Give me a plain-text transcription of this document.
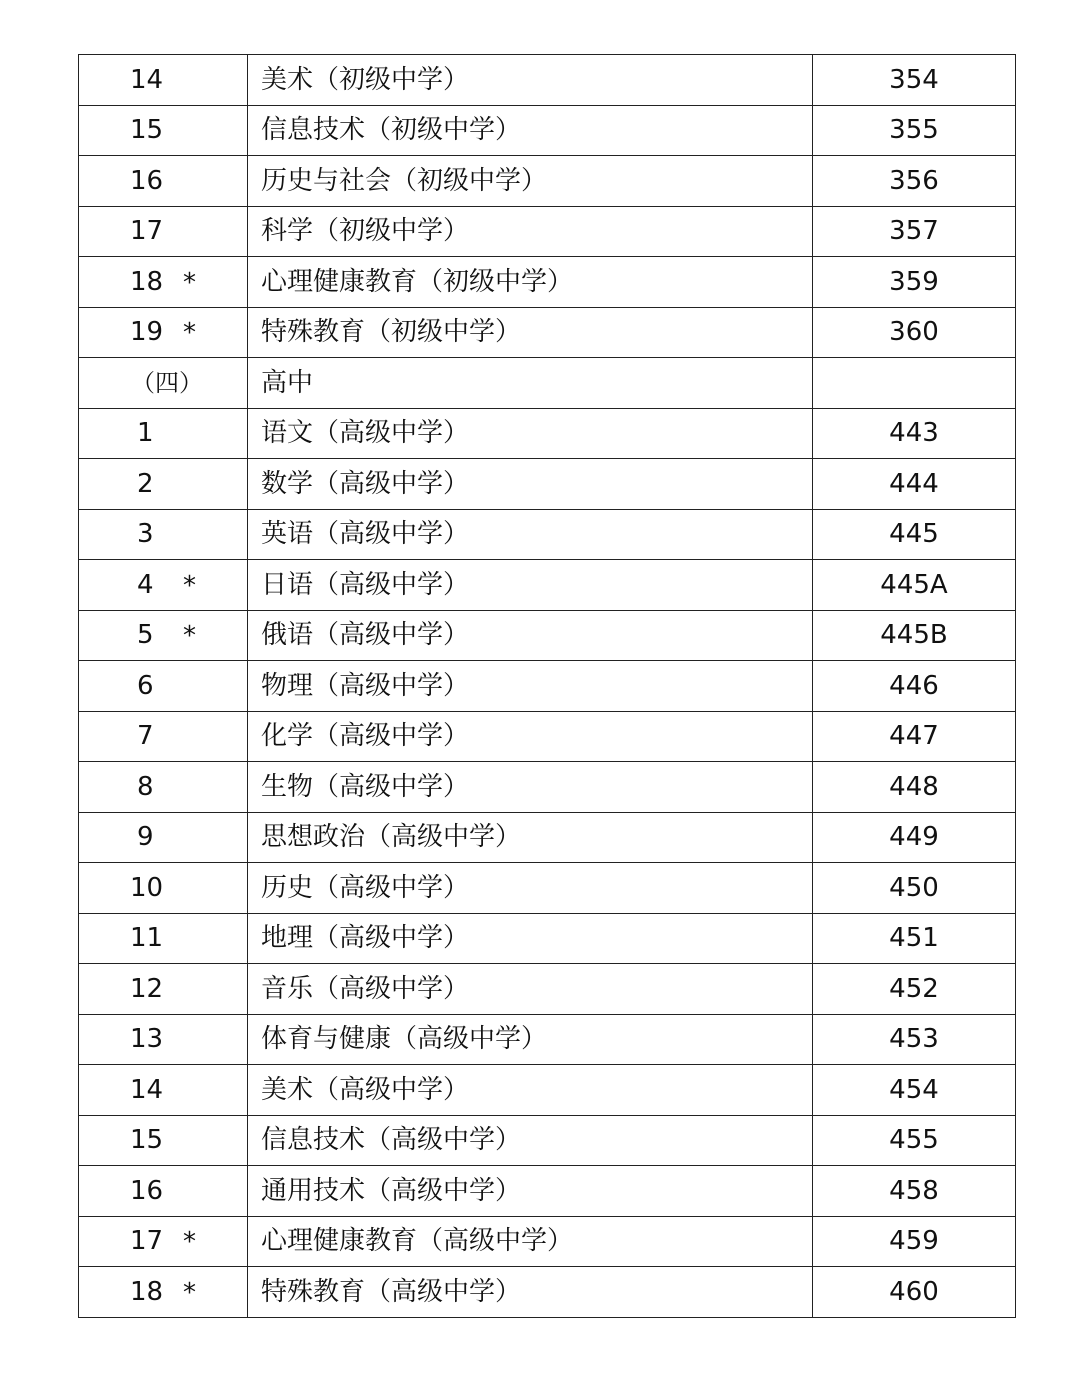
14	美术（初级中学）	354

15	信息技术（初级中学）	355

16	历史与社会（初级中学）	356

17	科学（初级中学）	357

18 *	心理健康教育（初级中学）	359

19 *	特殊教育（初级中学）	360

（四）	高中	

1	语文（高级中学）	443

2	数学（高级中学）	444

3	英语（高级中学）	445

4 *	日语（高级中学）	445A

5 *	俄语（高级中学）	445B

6	物理（高级中学）	446

7	化学（高级中学）	447

8	生物（高级中学）	448

9	思想政治（高级中学）	449

10	历史（高级中学）	450

11	地理（高级中学）	451

12	音乐（高级中学）	452

13	体育与健康（高级中学）	453

14	美术（高级中学）	454

15	信息技术（高级中学）	455

16	通用技术（高级中学）	458

17 *	心理健康教育（高级中学）	459

18 *	特殊教育（高级中学）	460
